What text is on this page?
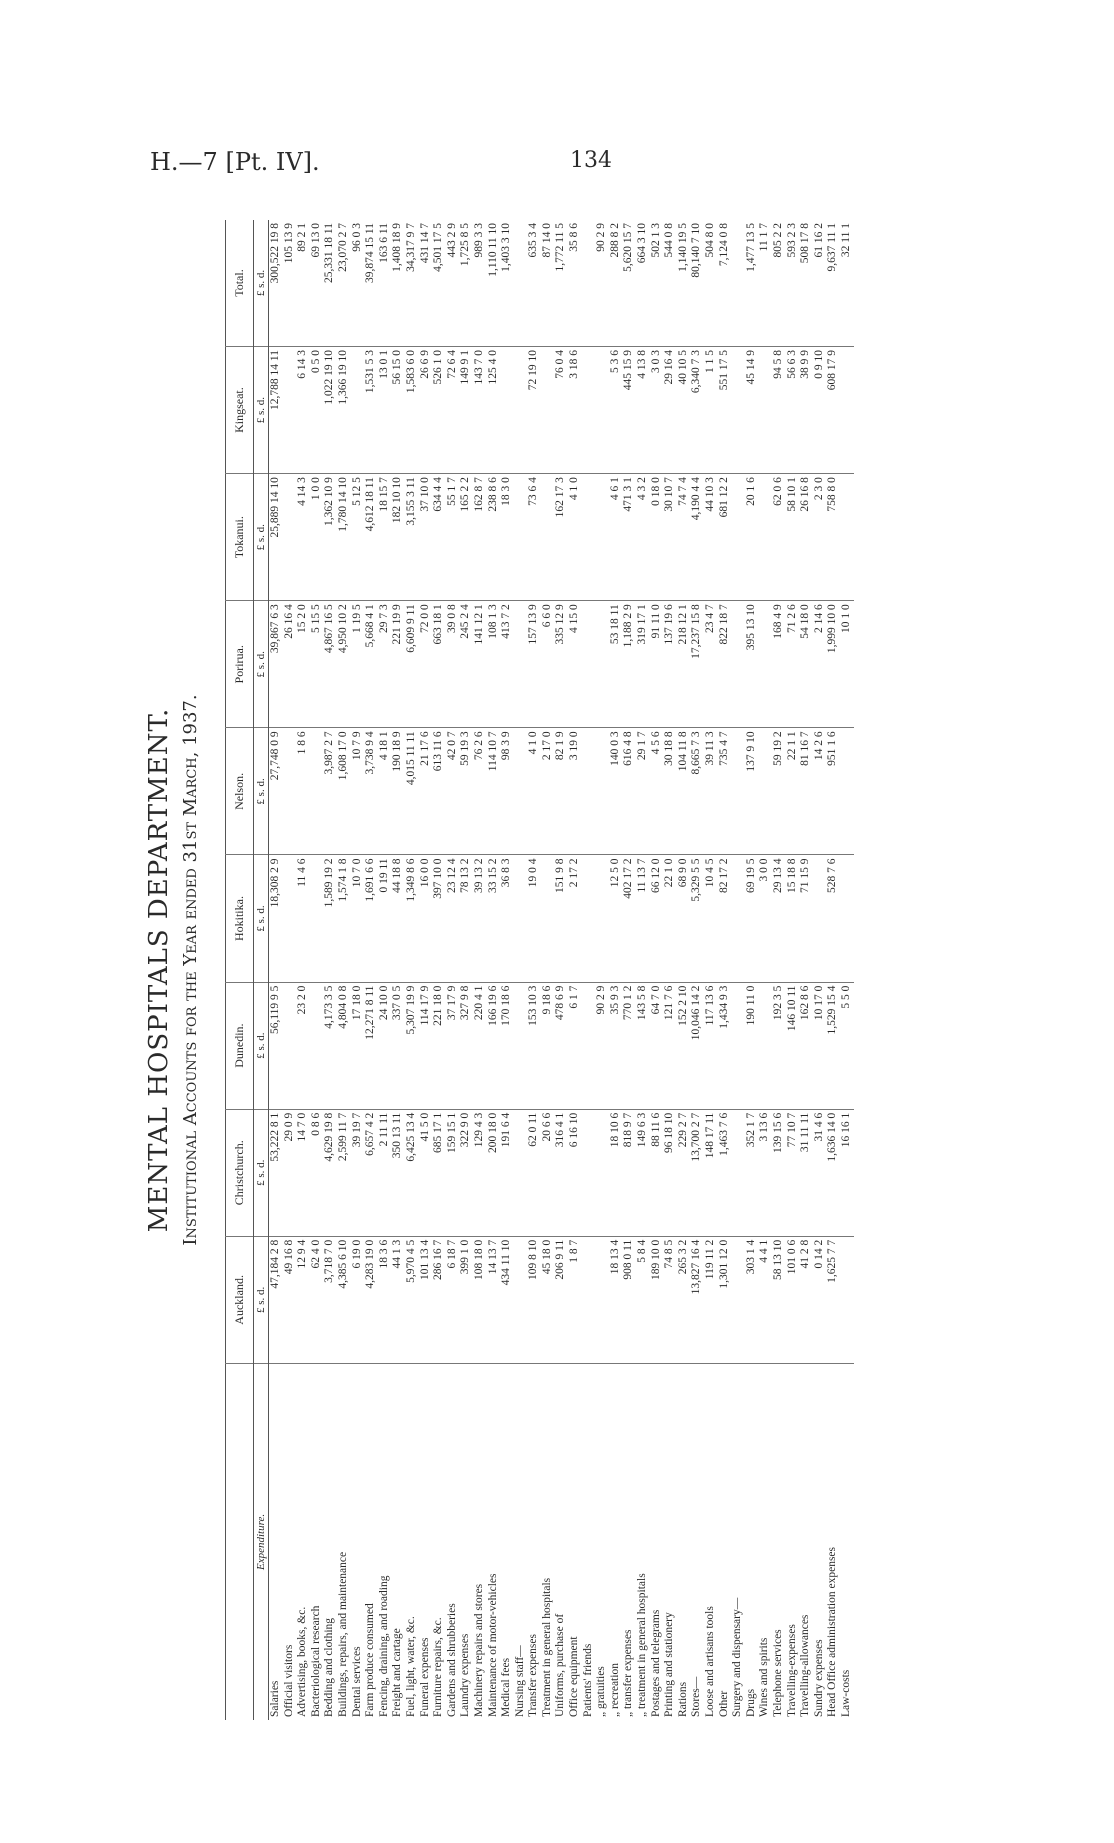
H.—7 [Pt. IV].	134
MENTAL HOSPITALS DEPARTMENT. Institutional Accounts for the Year ended 31st March, 1937.
	Auckland.	Christchurch.	Dunedin.	Hokitika.	Nelson.	Porirua.	Tokanui.	Kingseat.	Total.
Expenditure.	£ s. d.	£ s. d.	£ s. d.	£ s. d.	£ s. d.	£ s. d.	£ s. d.	£ s. d.	£ s. d.
Salaries	47,184 2 8	53,222 8 1	56,119 9 5	18,308 2 9	27,748 0 9	39,867 6 3	25,889 14 10	12,788 14 11	300,522 19 8
Official visitors	49 16 8	29 0 9				26 16 4			105 13 9
Advertising, books, &c.	12 9 4	14 7 0	23 2 0	11 4 6	1 8 6	15 2 0	4 14 3	6 14 3	89 2 1
Bacteriological research	62 4 0	0 8 6				5 15 5	1 0 0	0 5 0	69 13 0
Bedding and clothing	3,718 7 0	4,629 19 8	4,173 3 5	1,589 19 2	3,987 2 7	4,867 16 5	1,362 10 9	1,022 19 10	25,331 18 11
Buildings, repairs, and maintenance	4,385 6 10	2,599 11 7	4,804 0 8	1,574 1 8	1,608 17 0	4,950 10 2	1,780 14 10	1,366 19 10	23,070 2 7
Dental services	6 19 0	39 19 7	17 18 0	10 7 0	10 7 9	1 19 5	5 12 5		96 0 3
Farm produce consumed	4,283 19 0	6,657 4 2	12,271 8 11	1,691 6 6	3,738 9 4	5,668 4 1	4,612 18 11	1,531 5 3	39,874 15 11
Fencing, draining, and roading	18 3 6	2 11 11	24 10 0	0 19 11	4 18 1	29 7 3	18 15 7	13 0 1	163 6 11
Freight and cartage	44 1 3	350 13 11	337 0 5	44 18 8	190 18 9	221 19 9	182 10 10	56 15 0	1,408 18 9
Fuel, light, water, &c.	5,970 4 5	6,425 13 4	5,307 19 9	1,349 8 6	4,015 11 11	6,609 9 11	3,155 3 11	1,583 6 0	34,317 9 7
Funeral expenses	101 13 4	41 5 0	114 17 9	16 0 0	21 17 6	72 0 0	37 10 0	26 6 9	431 14 7
Furniture repairs, &c.	286 16 7	685 17 1	221 18 0	397 10 0	613 11 6	663 18 1	634 4 4	526 1 0	4,501 17 5
Gardens and shrubberies	6 18 7	159 15 1	37 17 9	23 12 4	42 0 7	39 0 8	55 1 7	72 6 4	443 2 9
Laundry expenses	399 1 0	322 9 0	327 9 8	78 13 2	59 19 3	245 2 4	165 2 2	149 9 1	1,725 8 5
Machinery repairs and stores	108 18 0	129 4 3	220 4 1	39 13 2	76 2 6	141 12 1	162 8 7	143 7 0	989 3 3
Maintenance of motor-vehicles	14 13 7	200 18 0	166 19 6	33 15 2	114 10 7	108 1 3	238 8 6	125 4 0	1,110 11 10
Medical fees	434 11 10	191 6 4	170 18 6	36 8 3	98 3 9	413 7 2	18 3 0		1,403 3 10
Nursing staff—									
Transfer expenses	109 8 10	62 0 11	153 10 3	19 0 4	4 1 0	157 13 9	73 6 4	72 19 10	635 3 4
Treatment in general hospitals	45 18 0	20 6 6	9 18 6		2 17 0	6 6 0			87 14 0
Uniforms, purchase of	206 9 11	316 4 1	478 6 9	151 9 8	82 1 9	335 12 9	162 17 3	76 0 4	1,772 11 5
Office equipment	1 8 7	6 16 10	6 1 7	2 17 2	3 19 0	4 15 0	4 1 0	3 18 6	35 8 6
Patients' friends									
„ gratuities			90 2 9						90 2 9
„ recreation	18 13 4	18 10 6	35 9 3	12 5 0	140 0 3	53 18 11	4 6 1	5 3 6	288 8 2
„ transfer expenses	908 0 11	818 9 7	770 1 2	402 17 2	616 4 8	1,188 2 9	471 3 1	445 15 9	5,620 15 7
„ treatment in general hospitals	5 8 4	149 6 3	143 5 8	11 13 7	29 1 7	319 17 1	4 3 2	4 13 8	664 3 10
Postages and telegrams	189 10 0	88 11 6	64 7 0	66 12 0	4 5 6	91 11 0	0 18 0	3 0 3	502 1 3
Printing and stationery	74 8 5	96 18 10	121 7 6	22 1 0	30 18 8	137 19 6	30 10 7	29 16 4	544 0 8
Rations	265 3 2	229 2 7	152 2 10	68 9 0	104 11 8	218 12 1	74 7 4	40 10 5	1,140 19 5
Stores—	13,827 16 4	13,700 2 7	10,046 14 2	5,329 5 5	8,665 7 3	17,237 15 8	4,190 4 4	6,340 7 3	80,140 7 10
Loose and artisans tools	119 11 2	148 17 11	117 13 6	10 4 5	39 11 3	23 4 7	44 10 3	1 1 5	504 8 0
Other	1,301 12 0	1,463 7 6	1,434 9 3	82 17 2	735 4 7	822 18 7	681 12 2	551 17 5	7,124 0 8
Surgery and dispensary—									
Drugs	303 1 4	352 1 7	190 11 0	69 19 5	137 9 10	395 13 10	20 1 6	45 14 9	1,477 13 5
Wines and spirits	4 4 1	3 13 6		3 0 0					11 1 7
Telephone services	58 13 10	139 15 6	192 3 5	29 13 4	59 19 2	168 4 9	62 0 6	94 5 8	805 2 2
Travelling-expenses	101 0 6	77 10 7	146 10 11	15 18 8	22 1 1	71 2 6	58 10 1	56 6 3	593 2 3
Travelling-allowances	41 2 8	31 11 11	162 8 6	71 15 9	81 16 7	54 18 0	26 16 8	38 9 9	508 17 8
Sundry expenses	0 14 2	31 4 6	10 17 0		14 2 6	2 14 6	2 3 0	0 9 10	61 16 2
Head Office administration expenses	1,625 7 7	1,636 14 0	1,529 15 4	528 7 6	951 1 6	1,999 10 0	758 8 0	608 17 9	9,637 11 1
Law-costs		16 16 1	5 5 0			10 1 0			32 11 1
